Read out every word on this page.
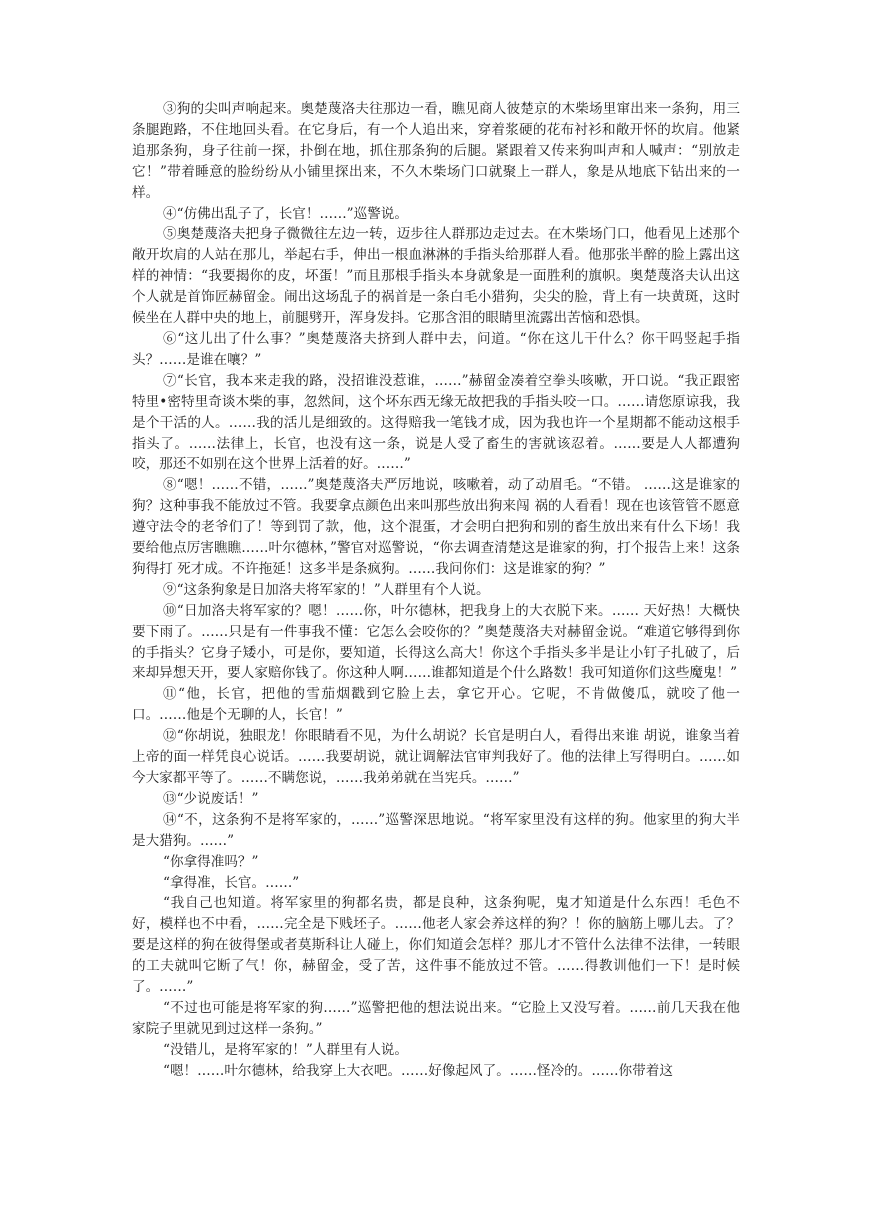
③狗的尖叫声响起来。奥楚蔑洛夫往那边一看，瞧见商人彼楚京的木柴场里窜出来一条狗，用三条腿跑路，不住地回头看。在它身后，有一个人追出来，穿着浆硬的花布衬衫和敞开怀的坎肩。他紧追那条狗，身子往前一探，扑倒在地，抓住那条狗的后腿。紧跟着又传来狗叫声和人喊声：“别放走它！”带着睡意的脸纷纷从小铺里探出来，不久木柴场门口就聚上一群人，象是从地底下钻出来的一样。

④“仿佛出乱子了，长官！……”巡警说。

⑤奥楚蔑洛夫把身子微微往左边一转，迈步往人群那边走过去。在木柴场门口，他看见上述那个敞开坎肩的人站在那儿，举起右手，伸出一根血淋淋的手指头给那群人看。他那张半醉的脸上露出这样的神情：“我要揭你的皮，坏蛋！”而且那根手指头本身就象是一面胜利的旗帜。奥楚蔑洛夫认出这个人就是首饰匠赫留金。闹出这场乱子的祸首是一条白毛小猎狗，尖尖的脸，背上有一块黄斑，这时候坐在人群中央的地上，前腿劈开，浑身发抖。它那含泪的眼睛里流露出苦恼和恐惧。

⑥“这儿出了什么事？”奥楚蔑洛夫挤到人群中去，问道。“你在这儿干什么？你干吗竖起手指头？……是谁在嚷？”

⑦“长官，我本来走我的路，没招谁没惹谁，……”赫留金凑着空拳头咳嗽，开口说。“我正跟密特里•密特里奇谈木柴的事，忽然间，这个坏东西无缘无故把我的手指头咬一口。……请您原谅我，我是个干活的人。……我的活儿是细致的。这得赔我一笔钱才成，因为我也许一个星期都不能动这根手指头了。……法律上，长官，也没有这一条，说是人受了畜生的害就该忍着。……要是人人都遭狗咬，那还不如别在这个世界上活着的好。……”

⑧“嗯！……不错，……”奥楚蔑洛夫严厉地说，咳嗽着，动了动眉毛。“不错。 ……这是谁家的狗？这种事我不能放过不管。我要拿点颜色出来叫那些放出狗来闯 祸的人看看！现在也该管管不愿意遵守法令的老爷们了！等到罚了款，他，这个混蛋，才会明白把狗和别的畜生放出来有什么下场！我要给他点厉害瞧瞧……叶尔德林，”警官对巡警说，“你去调查清楚这是谁家的狗，打个报告上来！这条狗得打 死才成。不许拖延！这多半是条疯狗。……我问你们：这是谁家的狗？”

⑨“这条狗象是日加洛夫将军家的！”人群里有个人说。

⑩“日加洛夫将军家的？嗯！……你，叶尔德林，把我身上的大衣脱下来。…… 天好热！大概快要下雨了。……只是有一件事我不懂：它怎么会咬你的？”奥楚蔑洛夫对赫留金说。“难道它够得到你的手指头？它身子矮小，可是你，要知道，长得这么高大！你这个手指头多半是让小钉子扎破了，后来却异想天开，要人家赔你钱了。你这种人啊……谁都知道是个什么路数！我可知道你们这些魔鬼！”

⑪“他，长官，把他的雪茄烟戳到它脸上去，拿它开心。它呢，不肯做傻瓜，就咬了他一口。……他是个无聊的人，长官！”

⑫“你胡说，独眼龙！你眼睛看不见，为什么胡说？长官是明白人，看得出来谁 胡说，谁象当着上帝的面一样凭良心说话。……我要胡说，就让调解法官审判我好了。他的法律上写得明白。……如今大家都平等了。……不瞒您说，……我弟弟就在当宪兵。……”

⑬“少说废话！”

⑭“不，这条狗不是将军家的，……”巡警深思地说。“将军家里没有这样的狗。他家里的狗大半是大猎狗。……”

“你拿得准吗？”

“拿得准，长官。……”

“我自己也知道。将军家里的狗都名贵，都是良种，这条狗呢，鬼才知道是什么东西！毛色不好，模样也不中看，……完全是下贱坯子。……他老人家会养这样的狗？！你的脑筋上哪儿去。了？要是这样的狗在彼得堡或者莫斯科让人碰上，你们知道会怎样？那儿才不管什么法律不法律，一转眼的工夫就叫它断了气！你，赫留金，受了苦，这件事不能放过不管。……得教训他们一下！是时候了。……”

“不过也可能是将军家的狗……”巡警把他的想法说出来。“它脸上又没写着。……前几天我在他家院子里就见到过这样一条狗。”

“没错儿，是将军家的！”人群里有人说。

“嗯！……叶尔德林，给我穿上大衣吧。……好像起风了。……怪冷的。……你带着这
